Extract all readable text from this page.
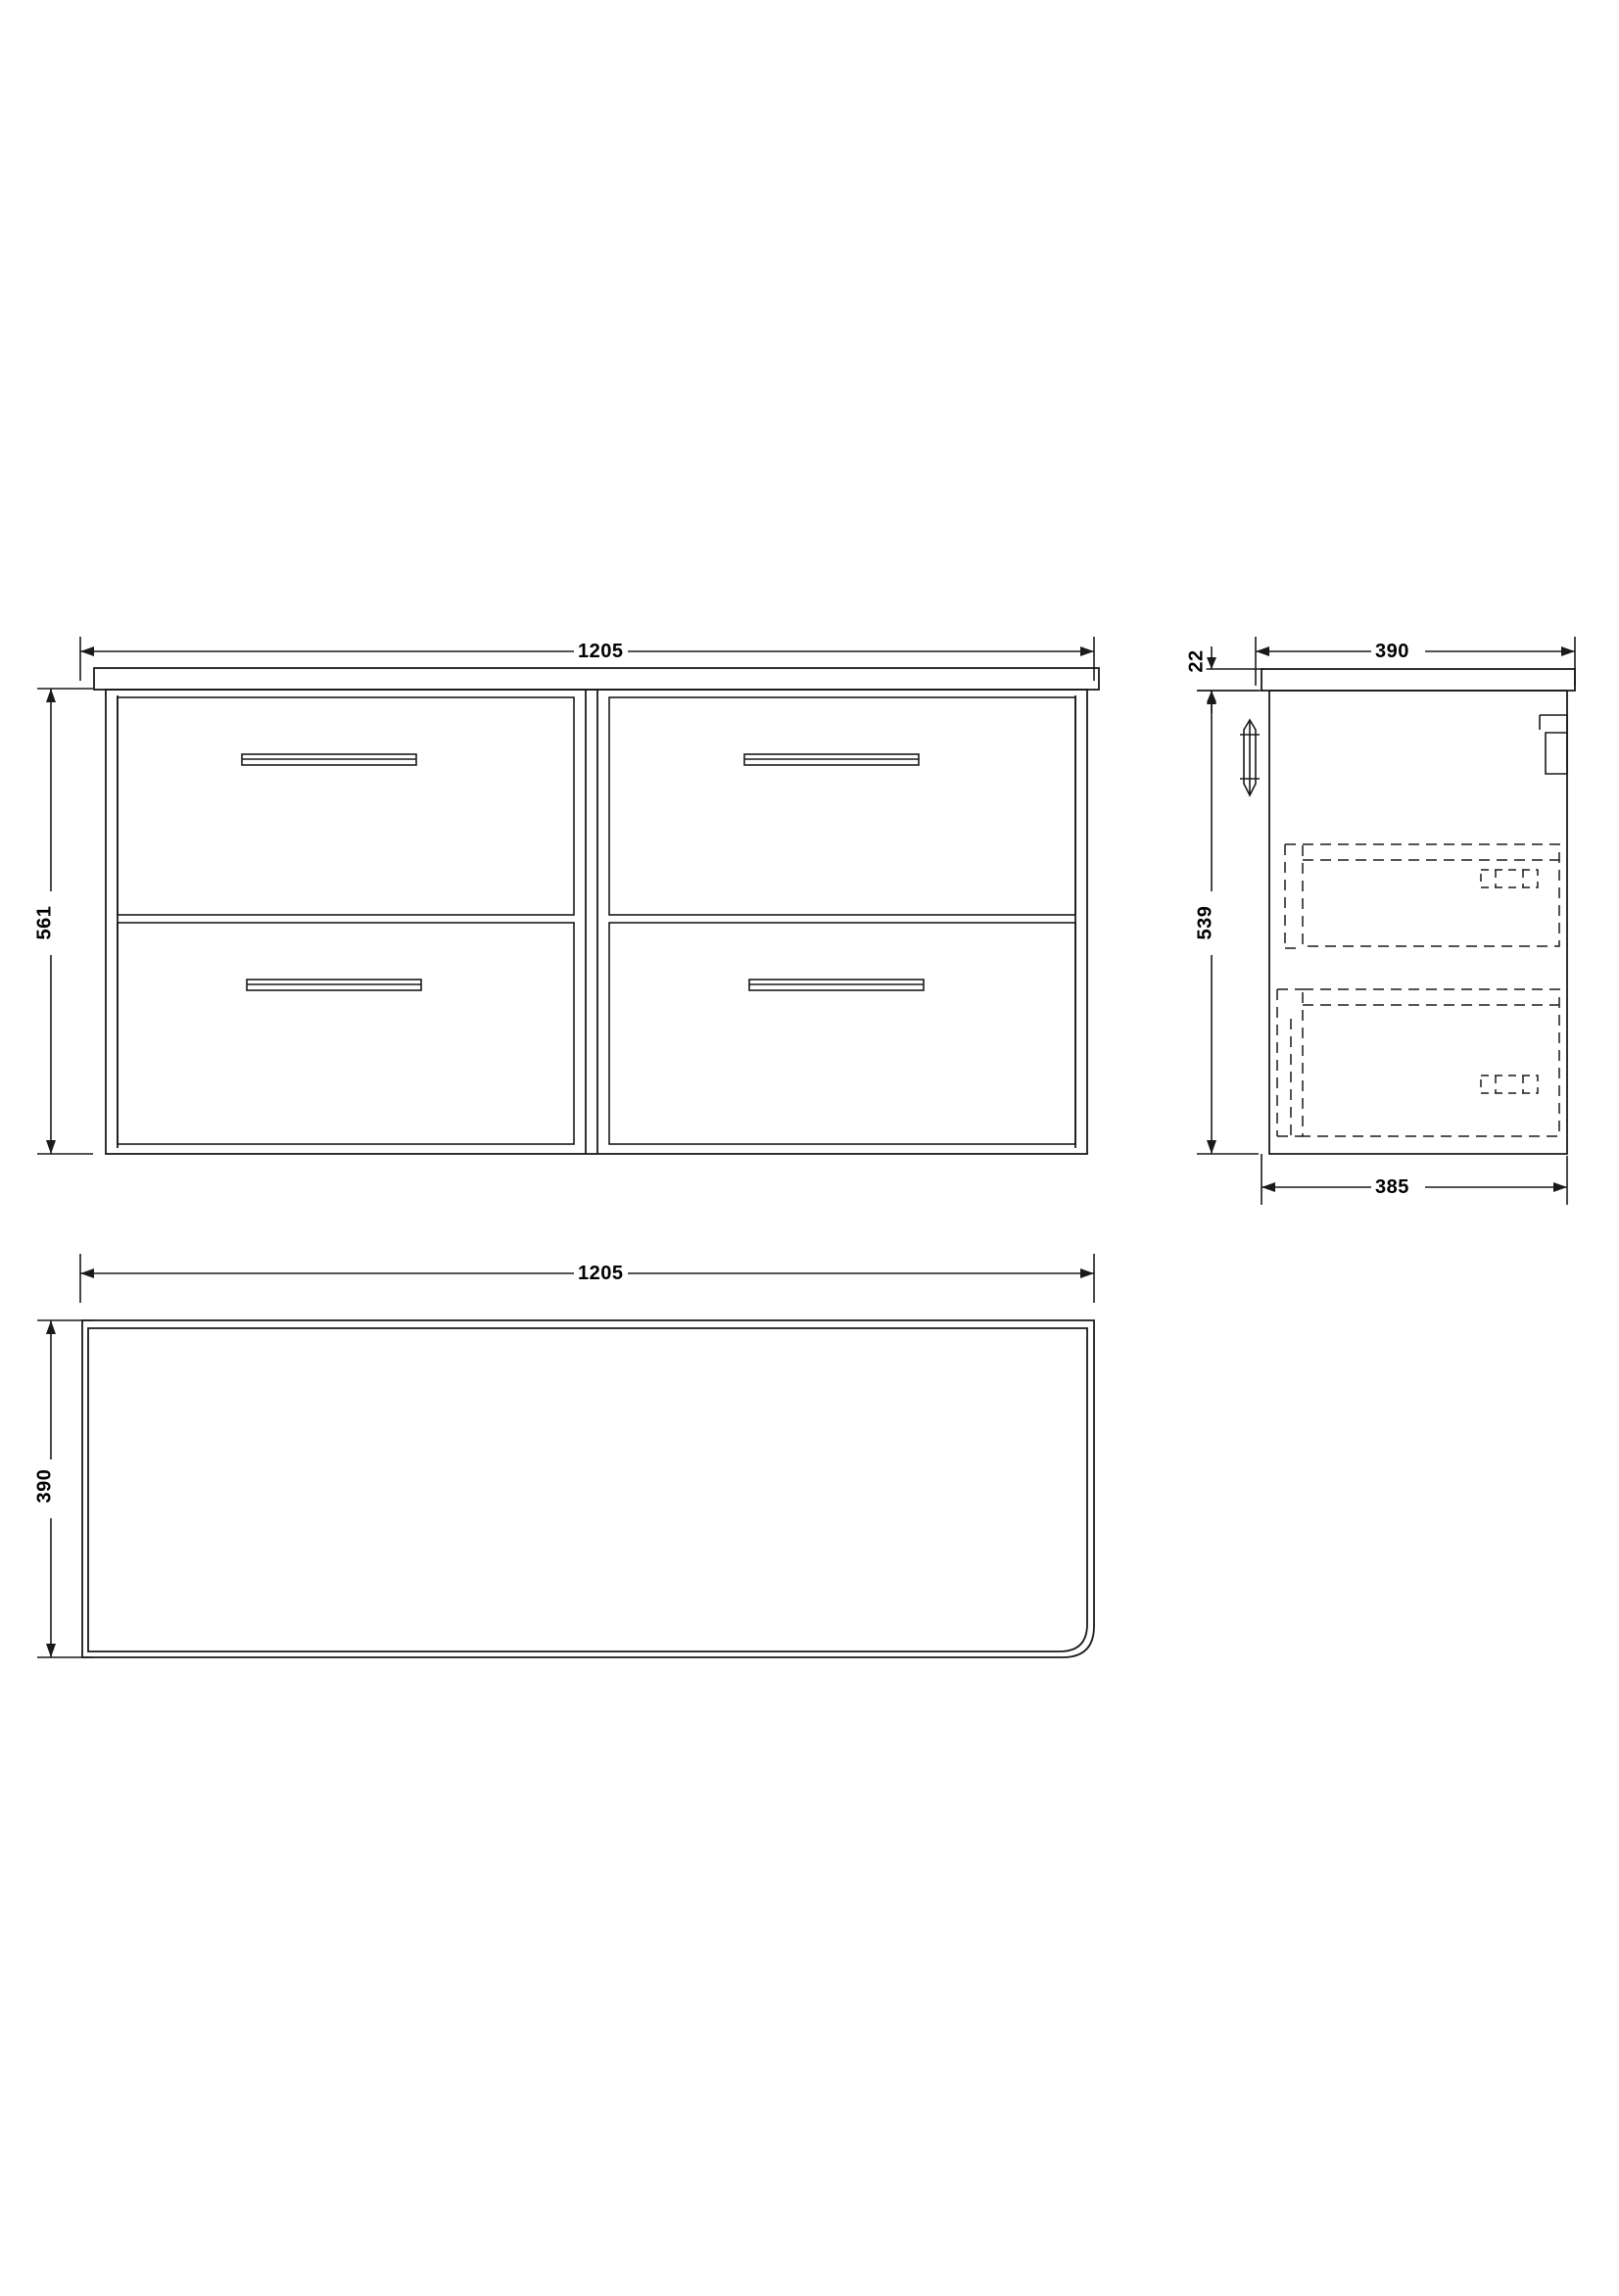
1205
561
390
22
539
385
1205
390
